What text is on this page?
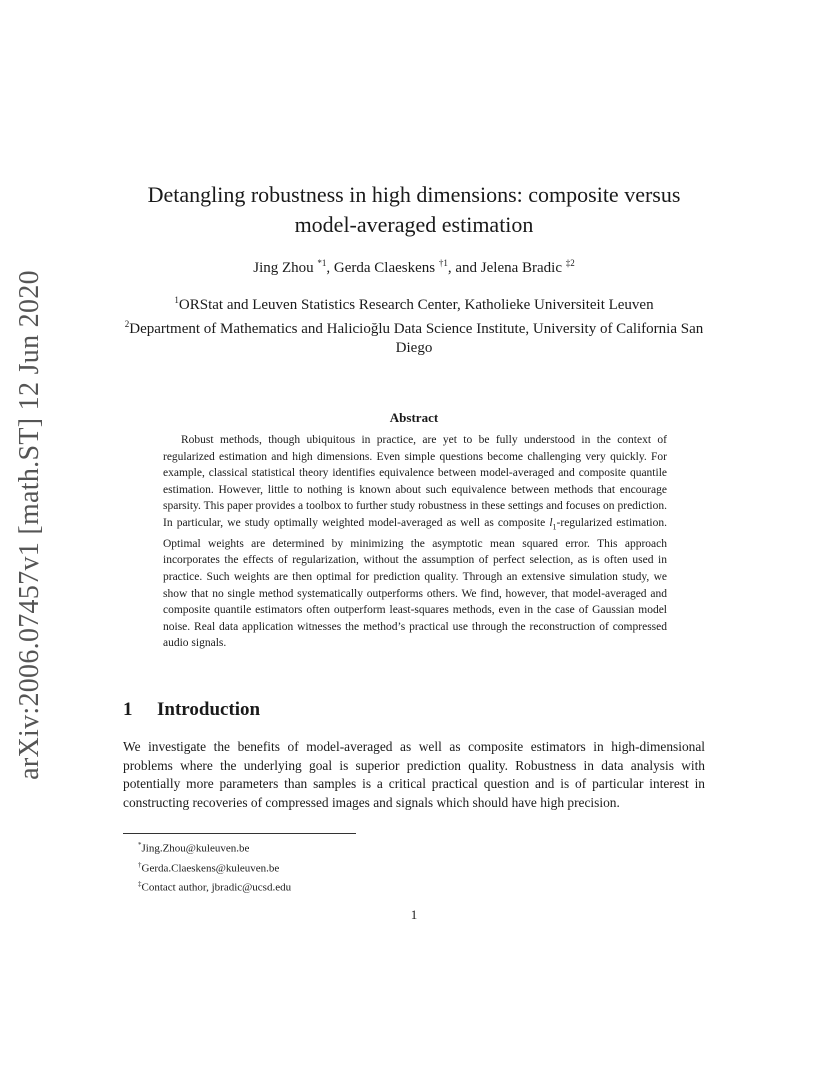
arXiv:2006.07457v1 [math.ST] 12 Jun 2020
Detangling robustness in high dimensions: composite versus
model-averaged estimation
Jing Zhou $^{*1}$, Gerda Claeskens $^{\dagger 1}$, and Jelena Bradic $^{\ddagger 2}$
$^1$ORStat and Leuven Statistics Research Center, Katholieke Universiteit Leuven
$^2$Department of Mathematics and Halicioğlu Data Science Institute, University of California San Diego
Abstract
Robust methods, though ubiquitous in practice, are yet to be fully understood in the context of regularized estimation and high dimensions. Even simple questions become challenging very quickly. For example, classical statistical theory identifies equivalence between model-averaged and composite quantile estimation. However, little to nothing is known about such equivalence between methods that encourage sparsity. This paper provides a toolbox to further study robustness in these settings and focuses on prediction. In particular, we study optimally weighted model-averaged as well as composite $l_1$-regularized estimation. Optimal weights are determined by minimizing the asymptotic mean squared error. This approach incorporates the effects of regularization, without the assumption of perfect selection, as is often used in practice. Such weights are then optimal for prediction quality. Through an extensive simulation study, we show that no single method systematically outperforms others. We find, however, that model-averaged and composite quantile estimators often outperform least-squares methods, even in the case of Gaussian model noise. Real data application witnesses the method’s practical use through the reconstruction of compressed audio signals.
1 Introduction
We investigate the benefits of model-averaged as well as composite estimators in high-dimensional problems where the underlying goal is superior prediction quality. Robustness in data analysis with potentially more parameters than samples is a critical practical question and is of particular interest in constructing recoveries of compressed images and signals which should have high precision.
*Jing.Zhou@kuleuven.be
†Gerda.Claeskens@kuleuven.be
‡Contact author, jbradic@ucsd.edu
1
